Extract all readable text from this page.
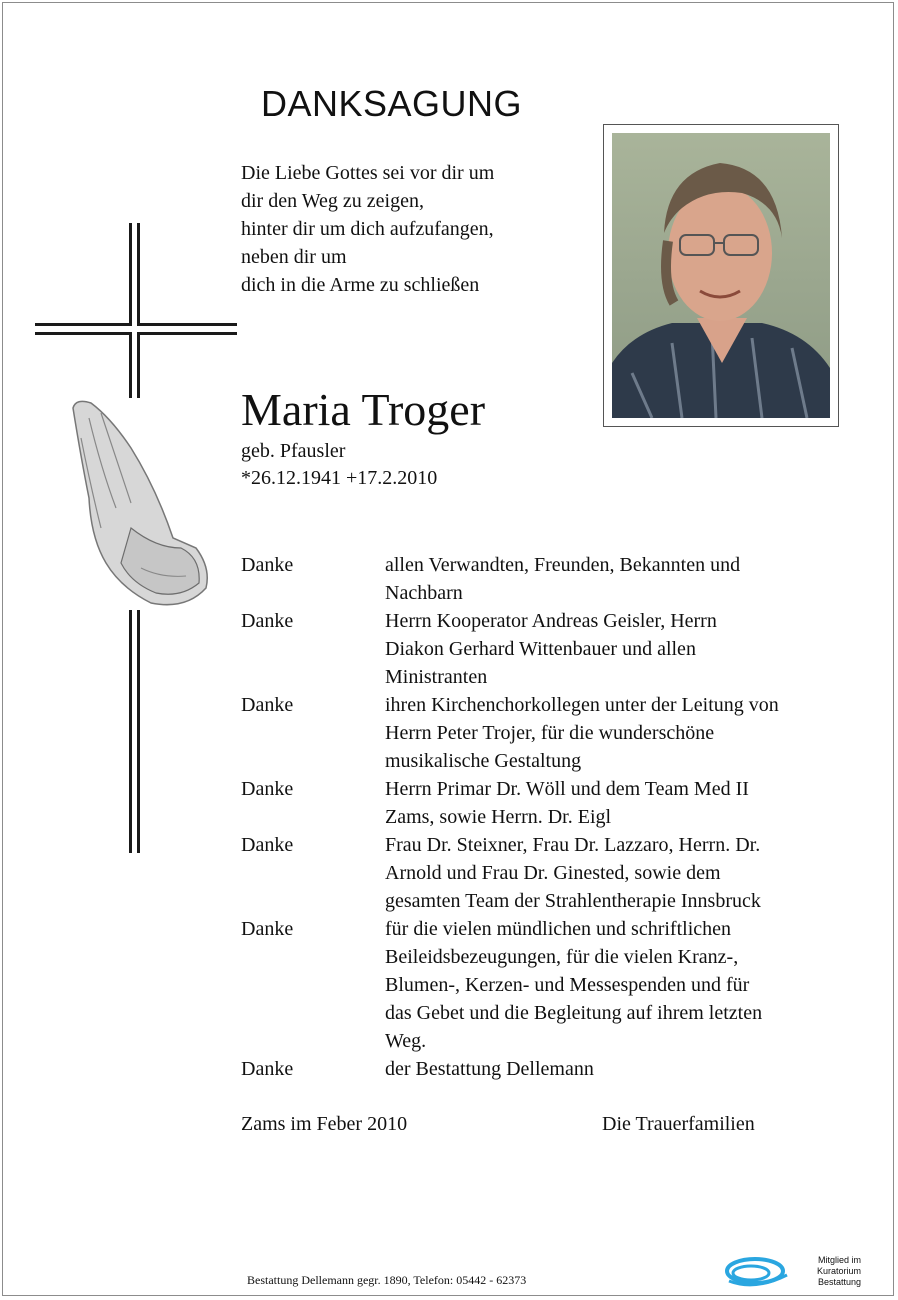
DANKSAGUNG
Die Liebe Gottes sei vor dir um
dir den Weg zu zeigen,
hinter dir um dich aufzufangen,
neben dir um
dich in die Arme zu schließen
Maria Troger
geb. Pfausler
*26.12.1941 +17.2.2010
Danke	allen Verwandten, Freunden, Bekannten und
Nachbarn
Danke	Herrn Kooperator Andreas Geisler, Herrn
Diakon Gerhard Wittenbauer und allen
Ministranten
Danke	ihren Kirchenchorkollegen unter der Leitung von
Herrn Peter Trojer, für die wunderschöne
musikalische Gestaltung
Danke	Herrn Primar Dr. Wöll und dem Team Med II
Zams, sowie Herrn. Dr. Eigl
Danke	Frau Dr. Steixner, Frau Dr. Lazzaro, Herrn. Dr.
Arnold und Frau Dr. Ginested, sowie dem
gesamten Team der Strahlentherapie Innsbruck
Danke	für die vielen mündlichen und schriftlichen
Beileidsbezeugungen, für die vielen Kranz-,
Blumen-, Kerzen- und Messespenden und für
das Gebet und die Begleitung auf ihrem letzten
Weg.
Danke	der Bestattung Dellemann
Zams im Feber 2010	Die Trauerfamilien
Bestattung Dellemann gegr. 1890, Telefon: 05442 - 62373
Mitglied im
Kuratorium Bestattung
